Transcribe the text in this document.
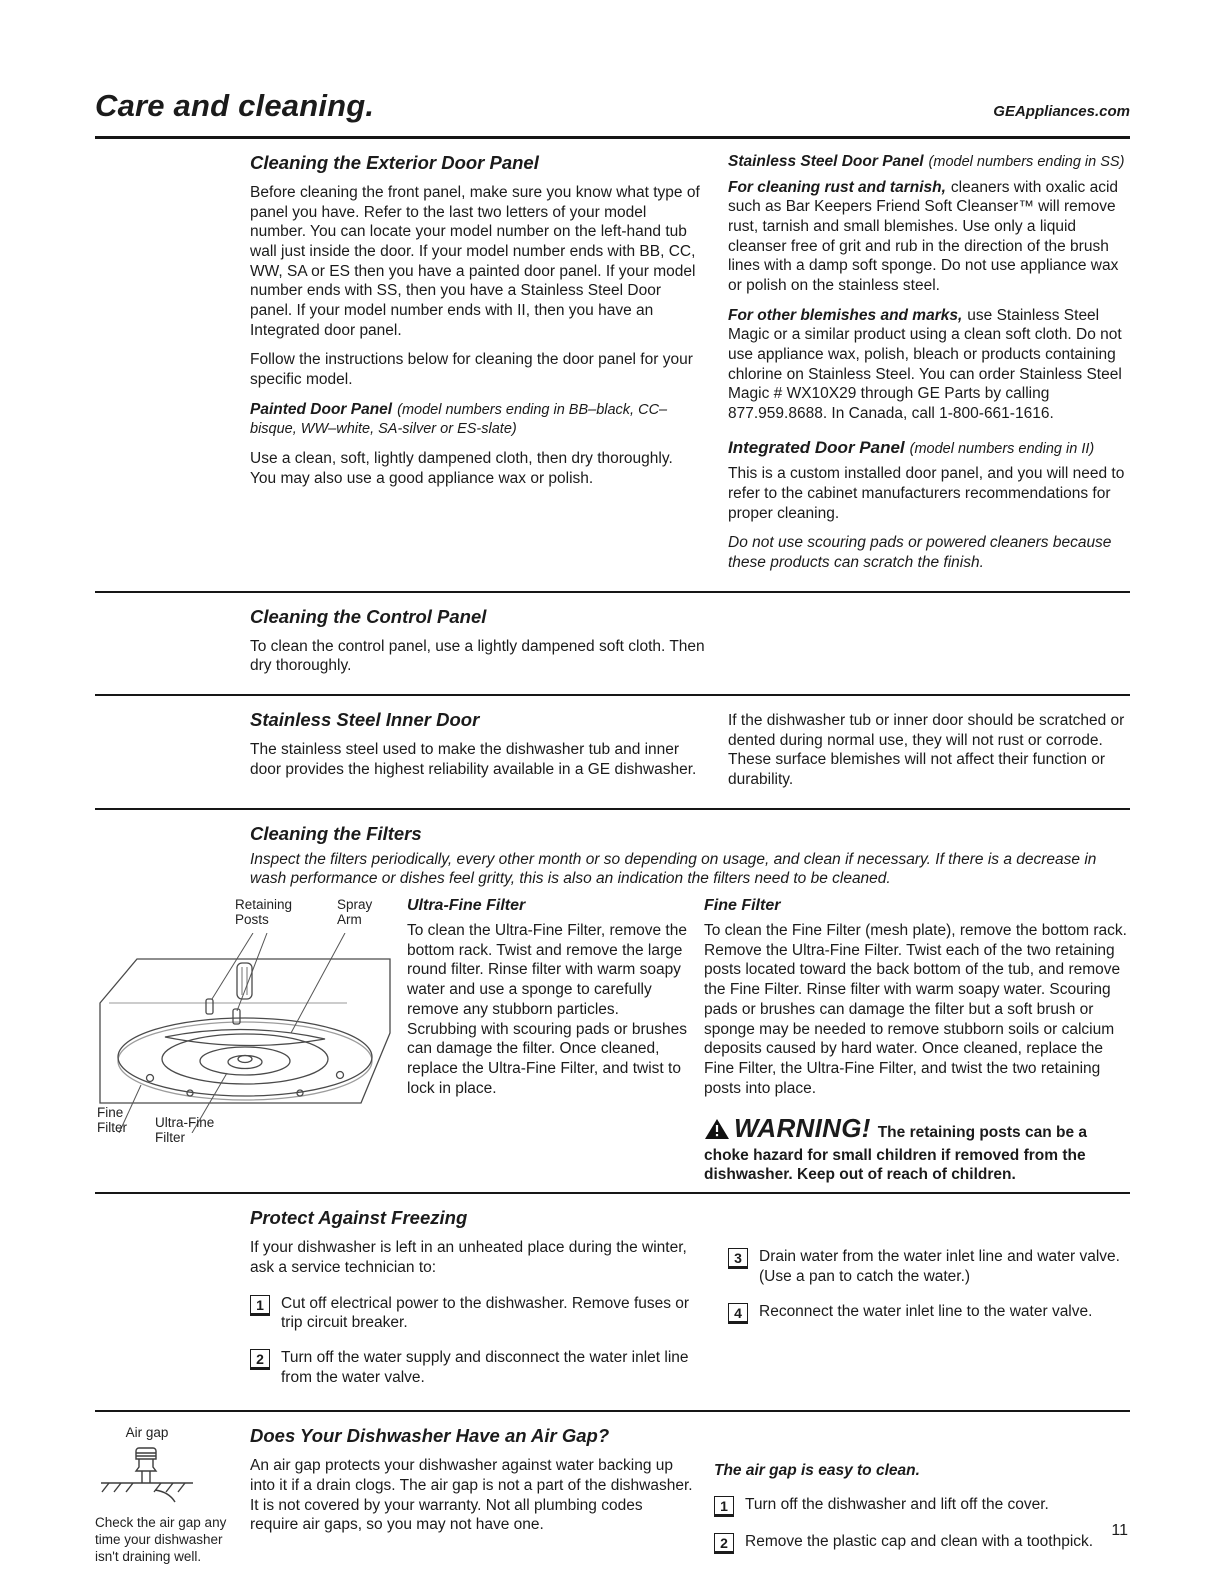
Care and cleaning.	GEAppliances.com
Cleaning the Exterior Door Panel

Before cleaning the front panel, make sure you know what type of panel you have. Refer to the last two letters of your model number. You can locate your model number on the left-hand tub wall just inside the door. If your model number ends with BB, CC, WW, SA or ES then you have a painted door panel. If your model number ends with SS, then you have a Stainless Steel Door panel. If your model number ends with II, then you have an Integrated door panel.

Follow the instructions below for cleaning the door panel for your specific model.

Painted Door Panel (model numbers ending in BB–black, CC–bisque, WW–white, SA-silver or ES-slate)

Use a clean, soft, lightly dampened cloth, then dry thoroughly. You may also use a good appliance wax or polish.

Stainless Steel Door Panel (model numbers ending in SS)

For cleaning rust and tarnish, cleaners with oxalic acid such as Bar Keepers Friend Soft Cleanser™ will remove rust, tarnish and small blemishes. Use only a liquid cleanser free of grit and rub in the direction of the brush lines with a damp soft sponge. Do not use appliance wax or polish on the stainless steel.

For other blemishes and marks, use Stainless Steel Magic or a similar product using a clean soft cloth. Do not use appliance wax, polish, bleach or products containing chlorine on Stainless Steel. You can order Stainless Steel Magic # WX10X29 through GE Parts by calling 877.959.8688. In Canada, call 1-800-661-1616.

Integrated Door Panel (model numbers ending in II)

This is a custom installed door panel, and you will need to refer to the cabinet manufacturers recommendations for proper cleaning.

Do not use scouring pads or powered cleaners because these products can scratch the finish.

Cleaning the Control Panel

To clean the control panel, use a lightly dampened soft cloth. Then dry thoroughly.

Stainless Steel Inner Door

The stainless steel used to make the dishwasher tub and inner door provides the highest reliability available in a GE dishwasher.

If the dishwasher tub or inner door should be scratched or dented during normal use, they will not rust or corrode. These surface blemishes will not affect their function or durability.

Cleaning the Filters

Inspect the filters periodically, every other month or so depending on usage, and clean if necessary. If there is a decrease in wash performance or dishes feel gritty, this is also an indication the filters need to be cleaned.

Retaining Posts
Spray Arm
Fine Filter	Ultra-Fine Filter
Ultra-Fine Filter

To clean the Ultra-Fine Filter, remove the bottom rack. Twist and remove the large round filter. Rinse filter with warm soapy water and use a sponge to carefully remove any stubborn particles. Scrubbing with scouring pads or brushes can damage the filter. Once cleaned, replace the Ultra-Fine Filter, and twist to lock in place.

Fine Filter

To clean the Fine Filter (mesh plate), remove the bottom rack. Remove the Ultra-Fine Filter. Twist each of the two retaining posts located toward the back bottom of the tub, and remove the Fine Filter. Rinse filter with warm soapy water. Scouring pads or brushes can damage the filter but a soft brush or sponge may be needed to remove stubborn soils or calcium deposits caused by hard water. Once cleaned, replace the Fine Filter, the Ultra-Fine Filter, and twist the two retaining posts into place.

WARNING! The retaining posts can be a choke hazard for small children if removed from the dishwasher. Keep out of reach of children.
Protect Against Freezing

If your dishwasher is left in an unheated place during the winter, ask a service technician to:

1	Cut off electrical power to the dishwasher. Remove fuses or trip circuit breaker.
2	Turn off the water supply and disconnect the water inlet line from the water valve.
3	Drain water from the water inlet line and water valve. (Use a pan to catch the water.)
4	Reconnect the water inlet line to the water valve.
Air gap
Check the air gap any time your dishwasher isn't draining well.
Does Your Dishwasher Have an Air Gap?

An air gap protects your dishwasher against water backing up into it if a drain clogs. The air gap is not a part of the dishwasher. It is not covered by your warranty. Not all plumbing codes require air gaps, so you may not have one.

The air gap is easy to clean.

1	Turn off the dishwasher and lift off the cover.
2	Remove the plastic cap and clean with a toothpick.
11
